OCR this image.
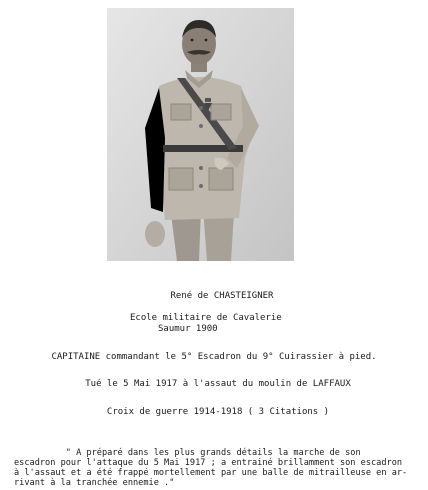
René de CHASTEIGNER
Ecole militaire de Cavalerie
Saumur 1900
CAPITAINE commandant le 5° Escadron du 9° Cuirassier à pied.
Tué le 5 Mai 1917 à l'assaut du moulin de LAFFAUX
Croix de guerre 1914-1918 ( 3 Citations )
" A préparé dans les plus grands détails la marche de son
escadron pour l'attaque du 5 Mai 1917 ; a entrainé brillamment son escadron
à l'assaut et a été frappé mortellement par une balle de mitrailleuse en ar-
rivant à la tranchée ennemie ."
